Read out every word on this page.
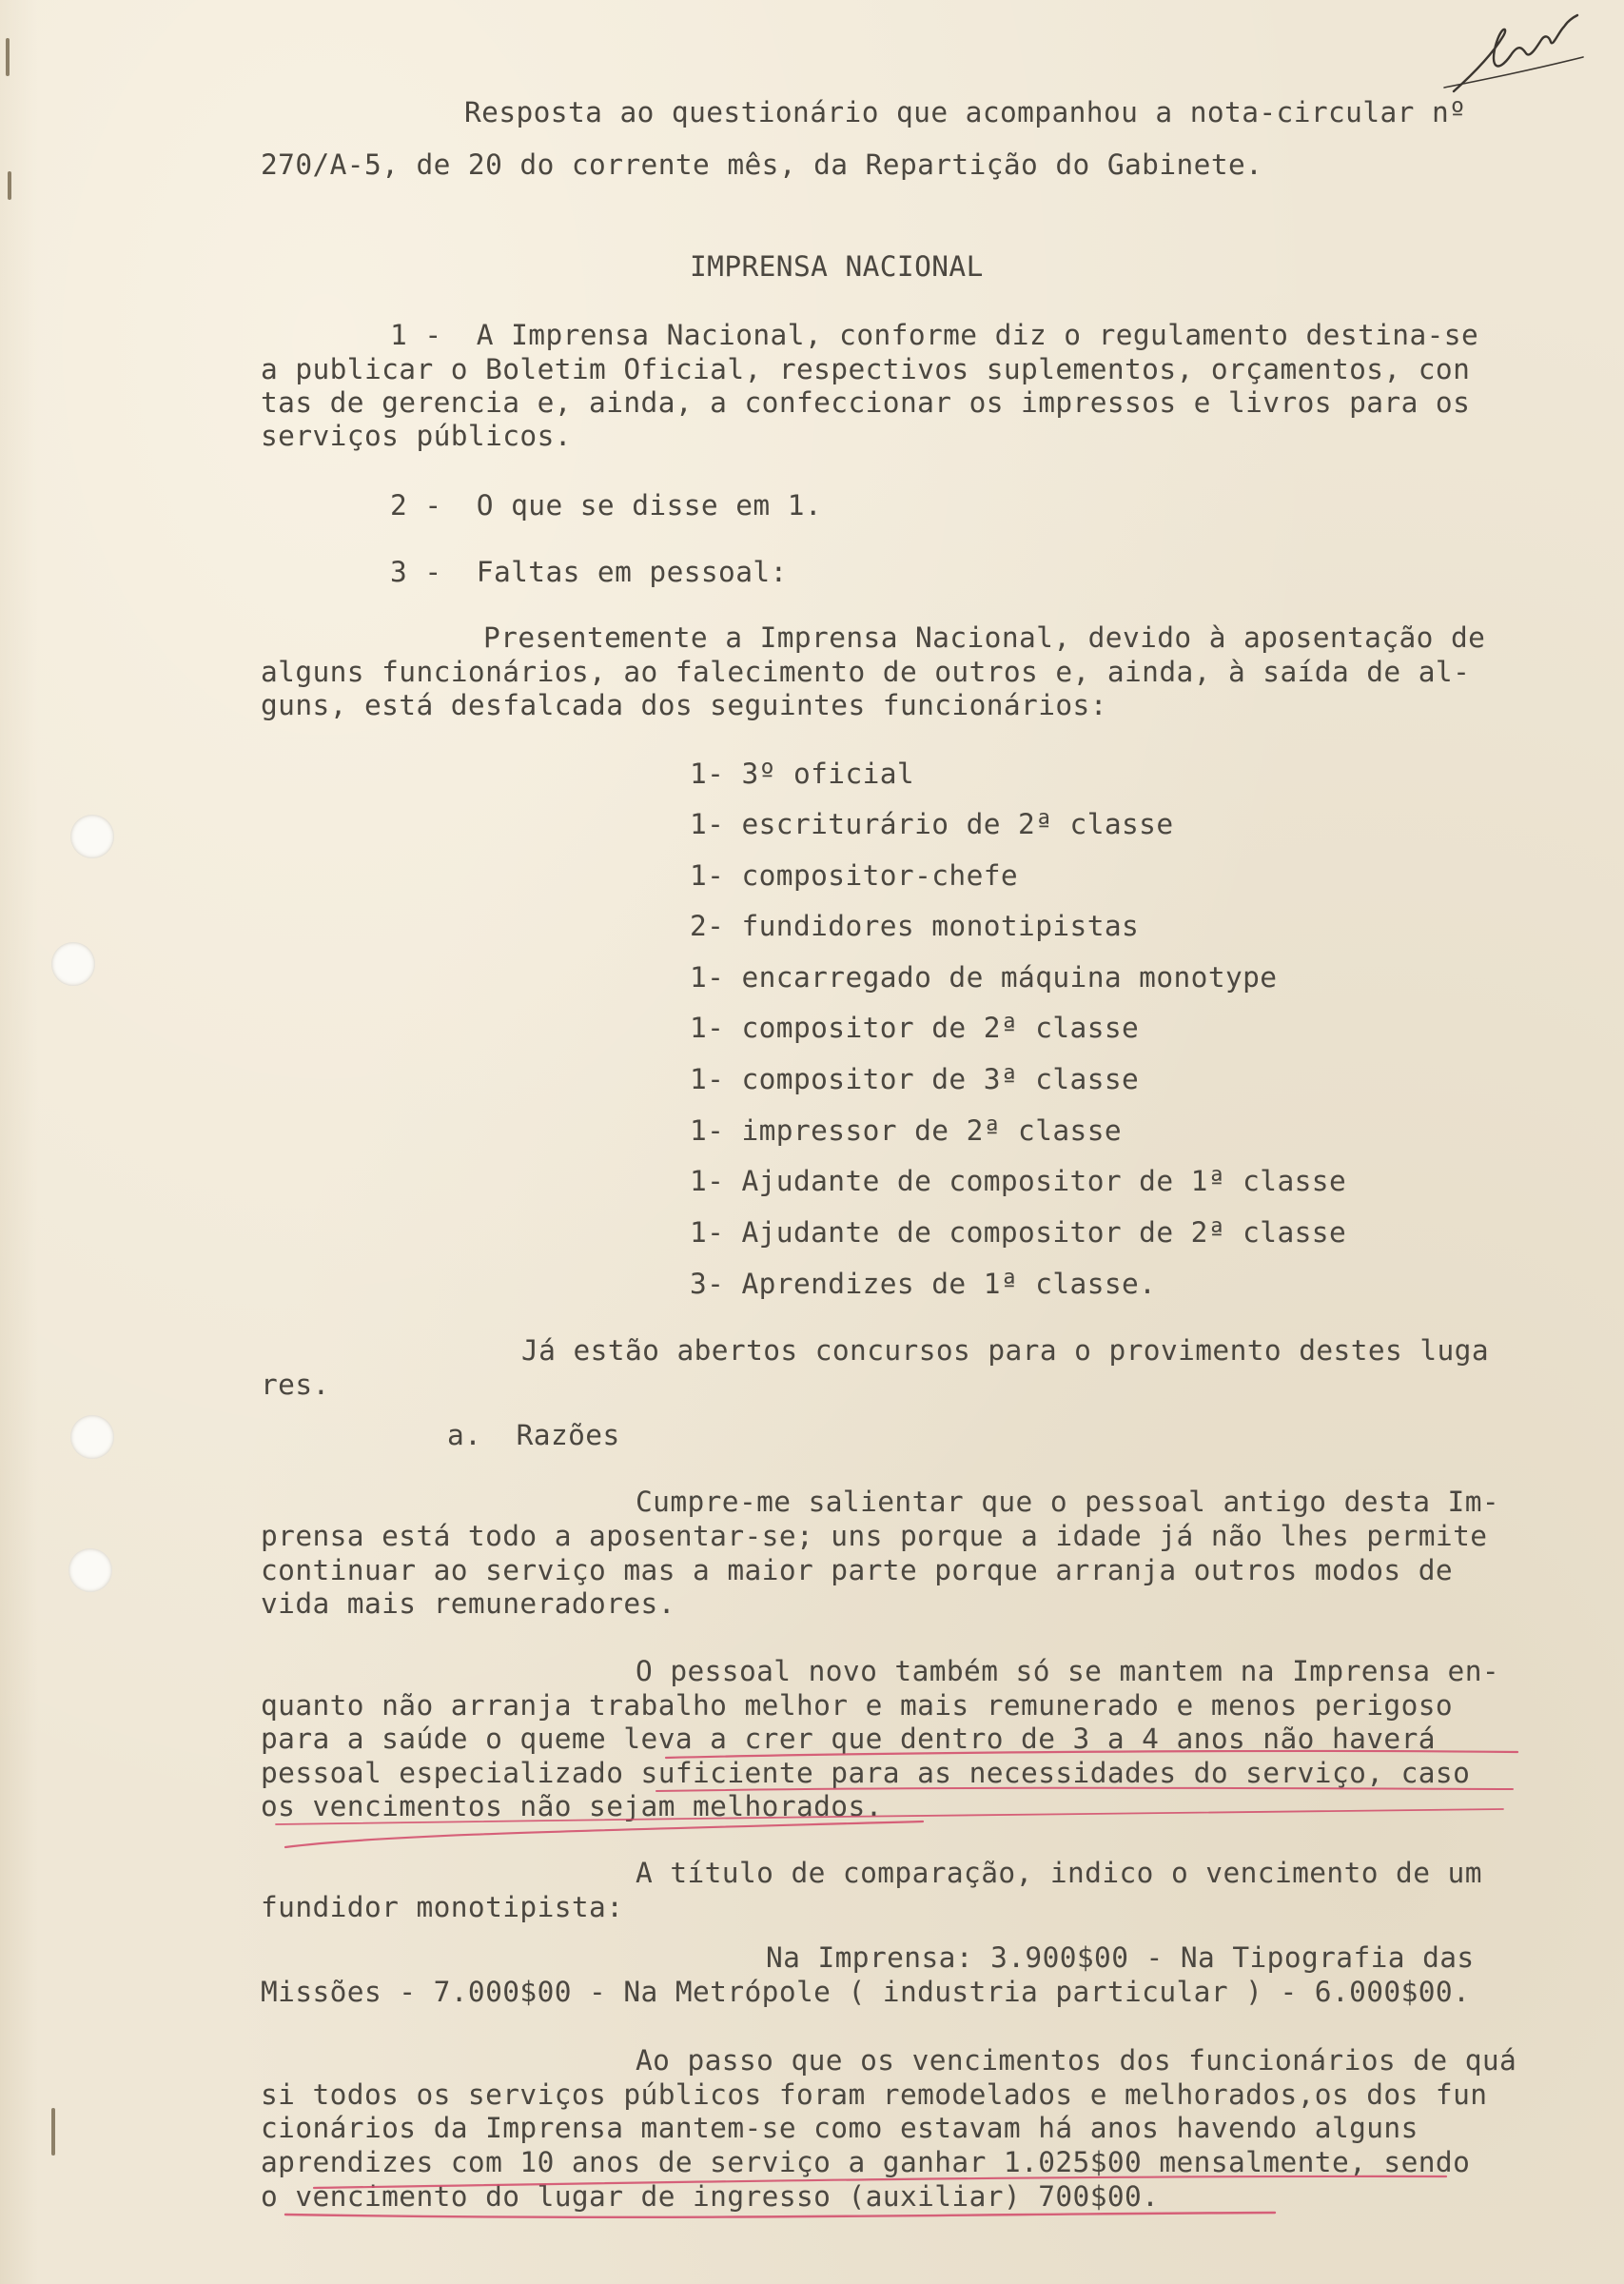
Resposta ao questionário que acompanhou a nota-circular nº
270/A-5, de 20 do corrente mês, da Repartição do Gabinete.
IMPRENSA NACIONAL
1 -  A Imprensa Nacional, conforme diz o regulamento destina-se
a publicar o Boletim Oficial, respectivos suplementos, orçamentos, con
tas de gerencia e, ainda, a confeccionar os impressos e livros para os
serviços públicos.
2 -  O que se disse em 1.
3 -  Faltas em pessoal:
Presentemente a Imprensa Nacional, devido à aposentação de
alguns funcionários, ao falecimento de outros e, ainda, à saída de al-
guns, está desfalcada dos seguintes funcionários:
1- 3º oficial
1- escriturário de 2ª classe
1- compositor-chefe
2- fundidores monotipistas
1- encarregado de máquina monotype
1- compositor de 2ª classe
1- compositor de 3ª classe
1- impressor de 2ª classe
1- Ajudante de compositor de 1ª classe
1- Ajudante de compositor de 2ª classe
3- Aprendizes de 1ª classe.
Já estão abertos concursos para o provimento destes luga
res.
a.  Razões
Cumpre-me salientar que o pessoal antigo desta Im-
prensa está todo a aposentar-se; uns porque a idade já não lhes permite
continuar ao serviço mas a maior parte porque arranja outros modos de
vida mais remuneradores.
O pessoal novo também só se mantem na Imprensa en-
quanto não arranja trabalho melhor e mais remunerado e menos perigoso
para a saúde o queme leva a crer que dentro de 3 a 4 anos não haverá
pessoal especializado suficiente para as necessidades do serviço, caso
os vencimentos não sejam melhorados.
A título de comparação, indico o vencimento de um
fundidor monotipista:
Na Imprensa: 3.900$00 - Na Tipografia das
Missões - 7.000$00 - Na Metrópole ( industria particular ) - 6.000$00.
Ao passo que os vencimentos dos funcionários de quá
si todos os serviços públicos foram remodelados e melhorados,os dos fun
cionários da Imprensa mantem-se como estavam há anos havendo alguns
aprendizes com 10 anos de serviço a ganhar 1.025$00 mensalmente, sendo
o vencimento do lugar de ingresso (auxiliar) 700$00.
